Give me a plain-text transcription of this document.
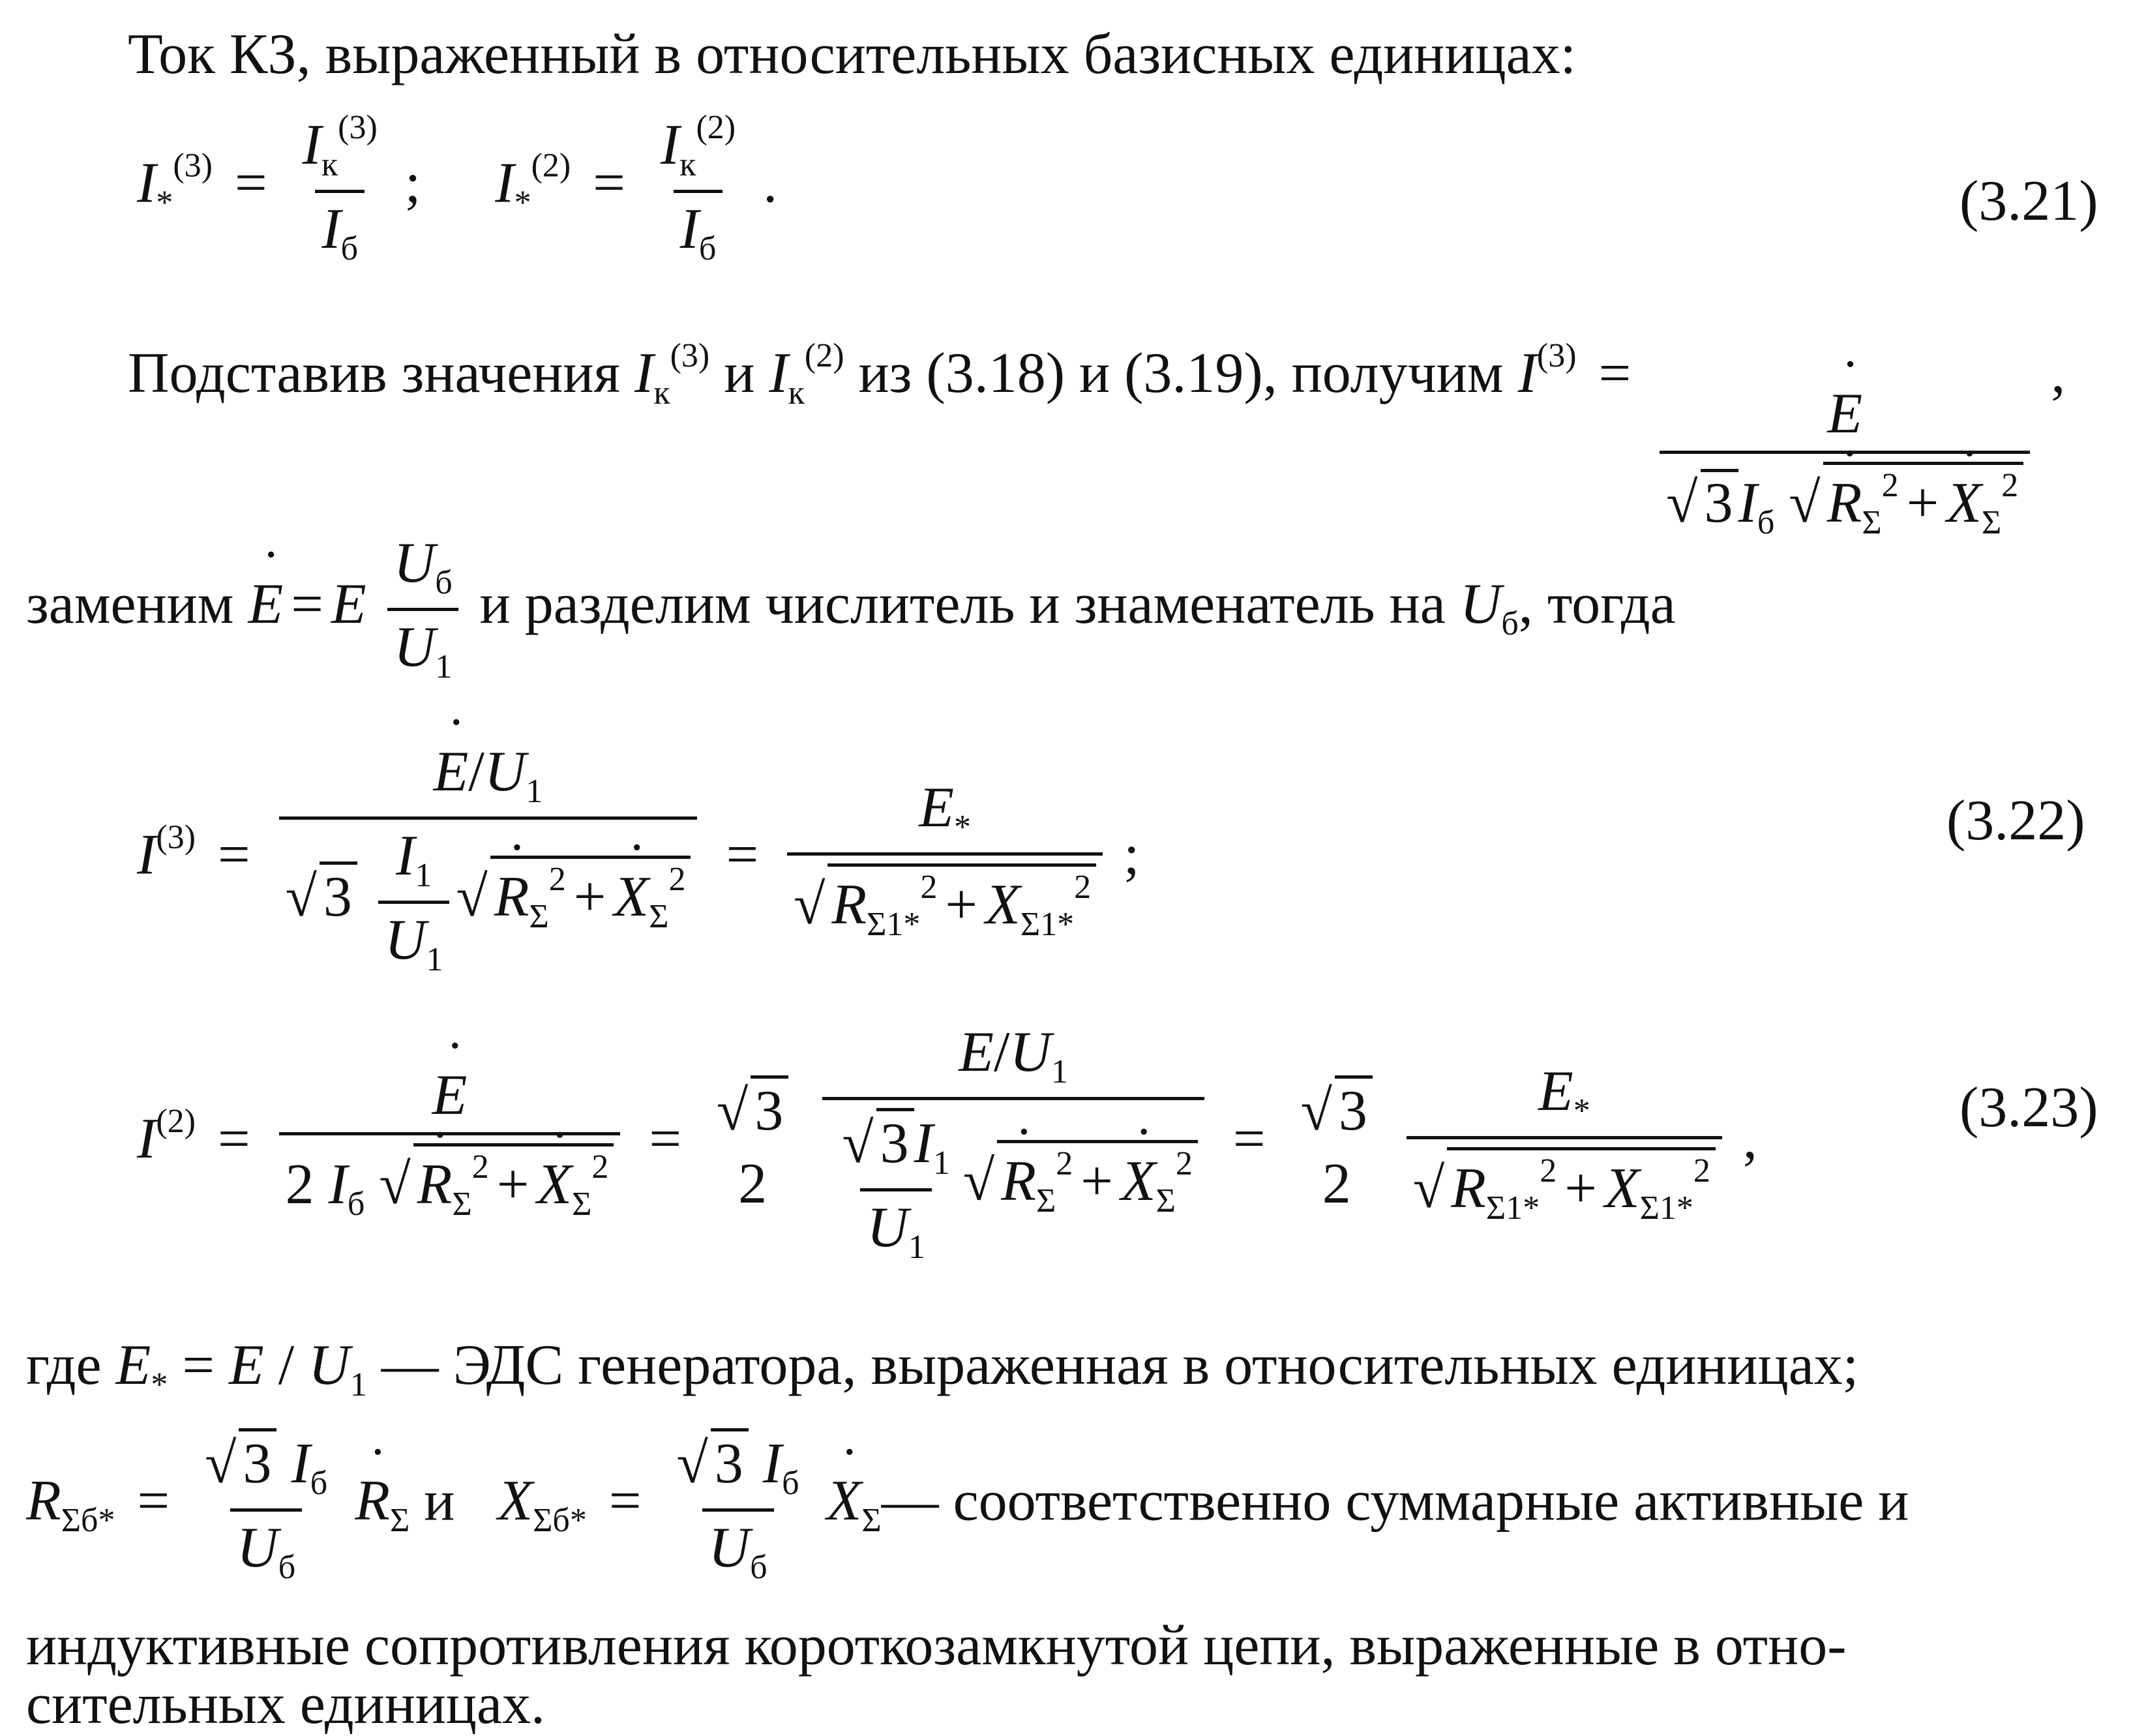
Ток КЗ, выраженный в относительных базисных единицах:
$I_*^{(3)} = \frac{I_к^{(3)}}{I_б}$ ; $I_*^{(2)} = \frac{I_к^{(2)}}{I_б}$ .	(3.21)
Подставив значения $I_к^{(3)}$ и $I_к^{(2)}$ из (3.18) и (3.19), получим $I^{(3)}$ =
˙ $\frac{E}{√ 3I_б √ ˙ R_\Sigma^2 + ˙ X_\Sigma^2}$
,
заменим ˙ E = E $\frac{U_б}{U_1}$ и разделим числитель и знаменатель на $U_б$, тогда
$I^{(3)}$ = ˙ $\frac{E/U_1}{√ 3 \frac{I_1}{U_1} √ ˙ R_\Sigma^2 + ˙ X_\Sigma^2} = \frac{E_*}{√ R_{\Sigma 1*}^2 + X_{\Sigma 1*}^2}$ ;
(3.22)
$I^{(2)}$ = ˙ $\frac{E}{2 I_б √ ˙ R_\Sigma^2 + ˙ X_\Sigma^2}$ = √ 3
2
$\frac{E/U_1}{\frac{√ 3I_1}{U_1} √ ˙ R_\Sigma^2 + ˙ X_\Sigma^2}$ = √ 3
2
$\frac{E_*}{√ R_{\Sigma 1*}^2 + X_{\Sigma 1*}^2}$ ,	(3.23)
где $E_* = E / U_1$ — ЭДС генератора, выраженная в относительных единицах;
$R_{\Sigma б*} = \frac{√ 3 I_б}{U_б}$ ˙ $R_\Sigma$ и $X_{\Sigma б*} = \frac{√ 3 I_б}{U_б}$ ˙ $X_\Sigma—$ соответственно суммарные активные и
индуктивные сопротивления короткозамкнутой цепи, выраженные в отно-
сительных единицах.
